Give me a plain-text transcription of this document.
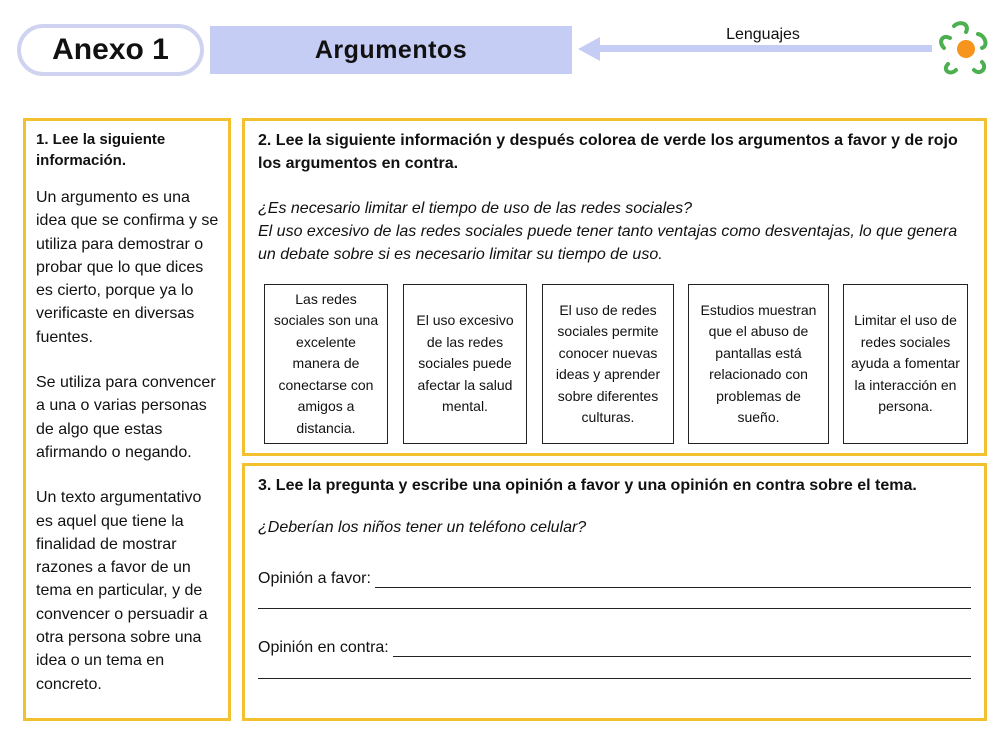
Anexo 1	Argumentos
Lenguajes
1. Lee la siguiente información.

Un argumento es una idea que se confirma y se utiliza para demostrar o probar que lo que dices es cierto, porque ya lo verificaste en diversas fuentes.

Se utiliza para convencer a una o varias personas de algo que estas afirmando o negando.

Un texto argumentativo es aquel que tiene la finalidad de mostrar razones a favor de un tema en particular, y de convencer o persuadir a otra persona sobre una idea o un tema en concreto.

2. Lee la siguiente información y después colorea de verde los argumentos a favor y de rojo los argumentos en contra.
¿Es necesario limitar el tiempo de uso de las redes sociales?
El uso excesivo de las redes sociales puede tener tanto ventajas como desventajas, lo que genera un debate sobre si es necesario limitar su tiempo de uso.
Las redes sociales son una excelente manera de conectarse con amigos a distancia.
El uso excesivo de las redes sociales puede afectar la salud mental.
El uso de redes sociales permite conocer nuevas ideas y aprender sobre diferentes culturas.
Estudios muestran que el abuso de pantallas está relacionado con problemas de sueño.
Limitar el uso de redes sociales ayuda a fomentar la interacción en persona.
3. Lee la pregunta y escribe una opinión a favor y una opinión en contra sobre el tema.
¿Deberían los niños tener un teléfono celular?
Opinión a favor:
Opinión en contra:
